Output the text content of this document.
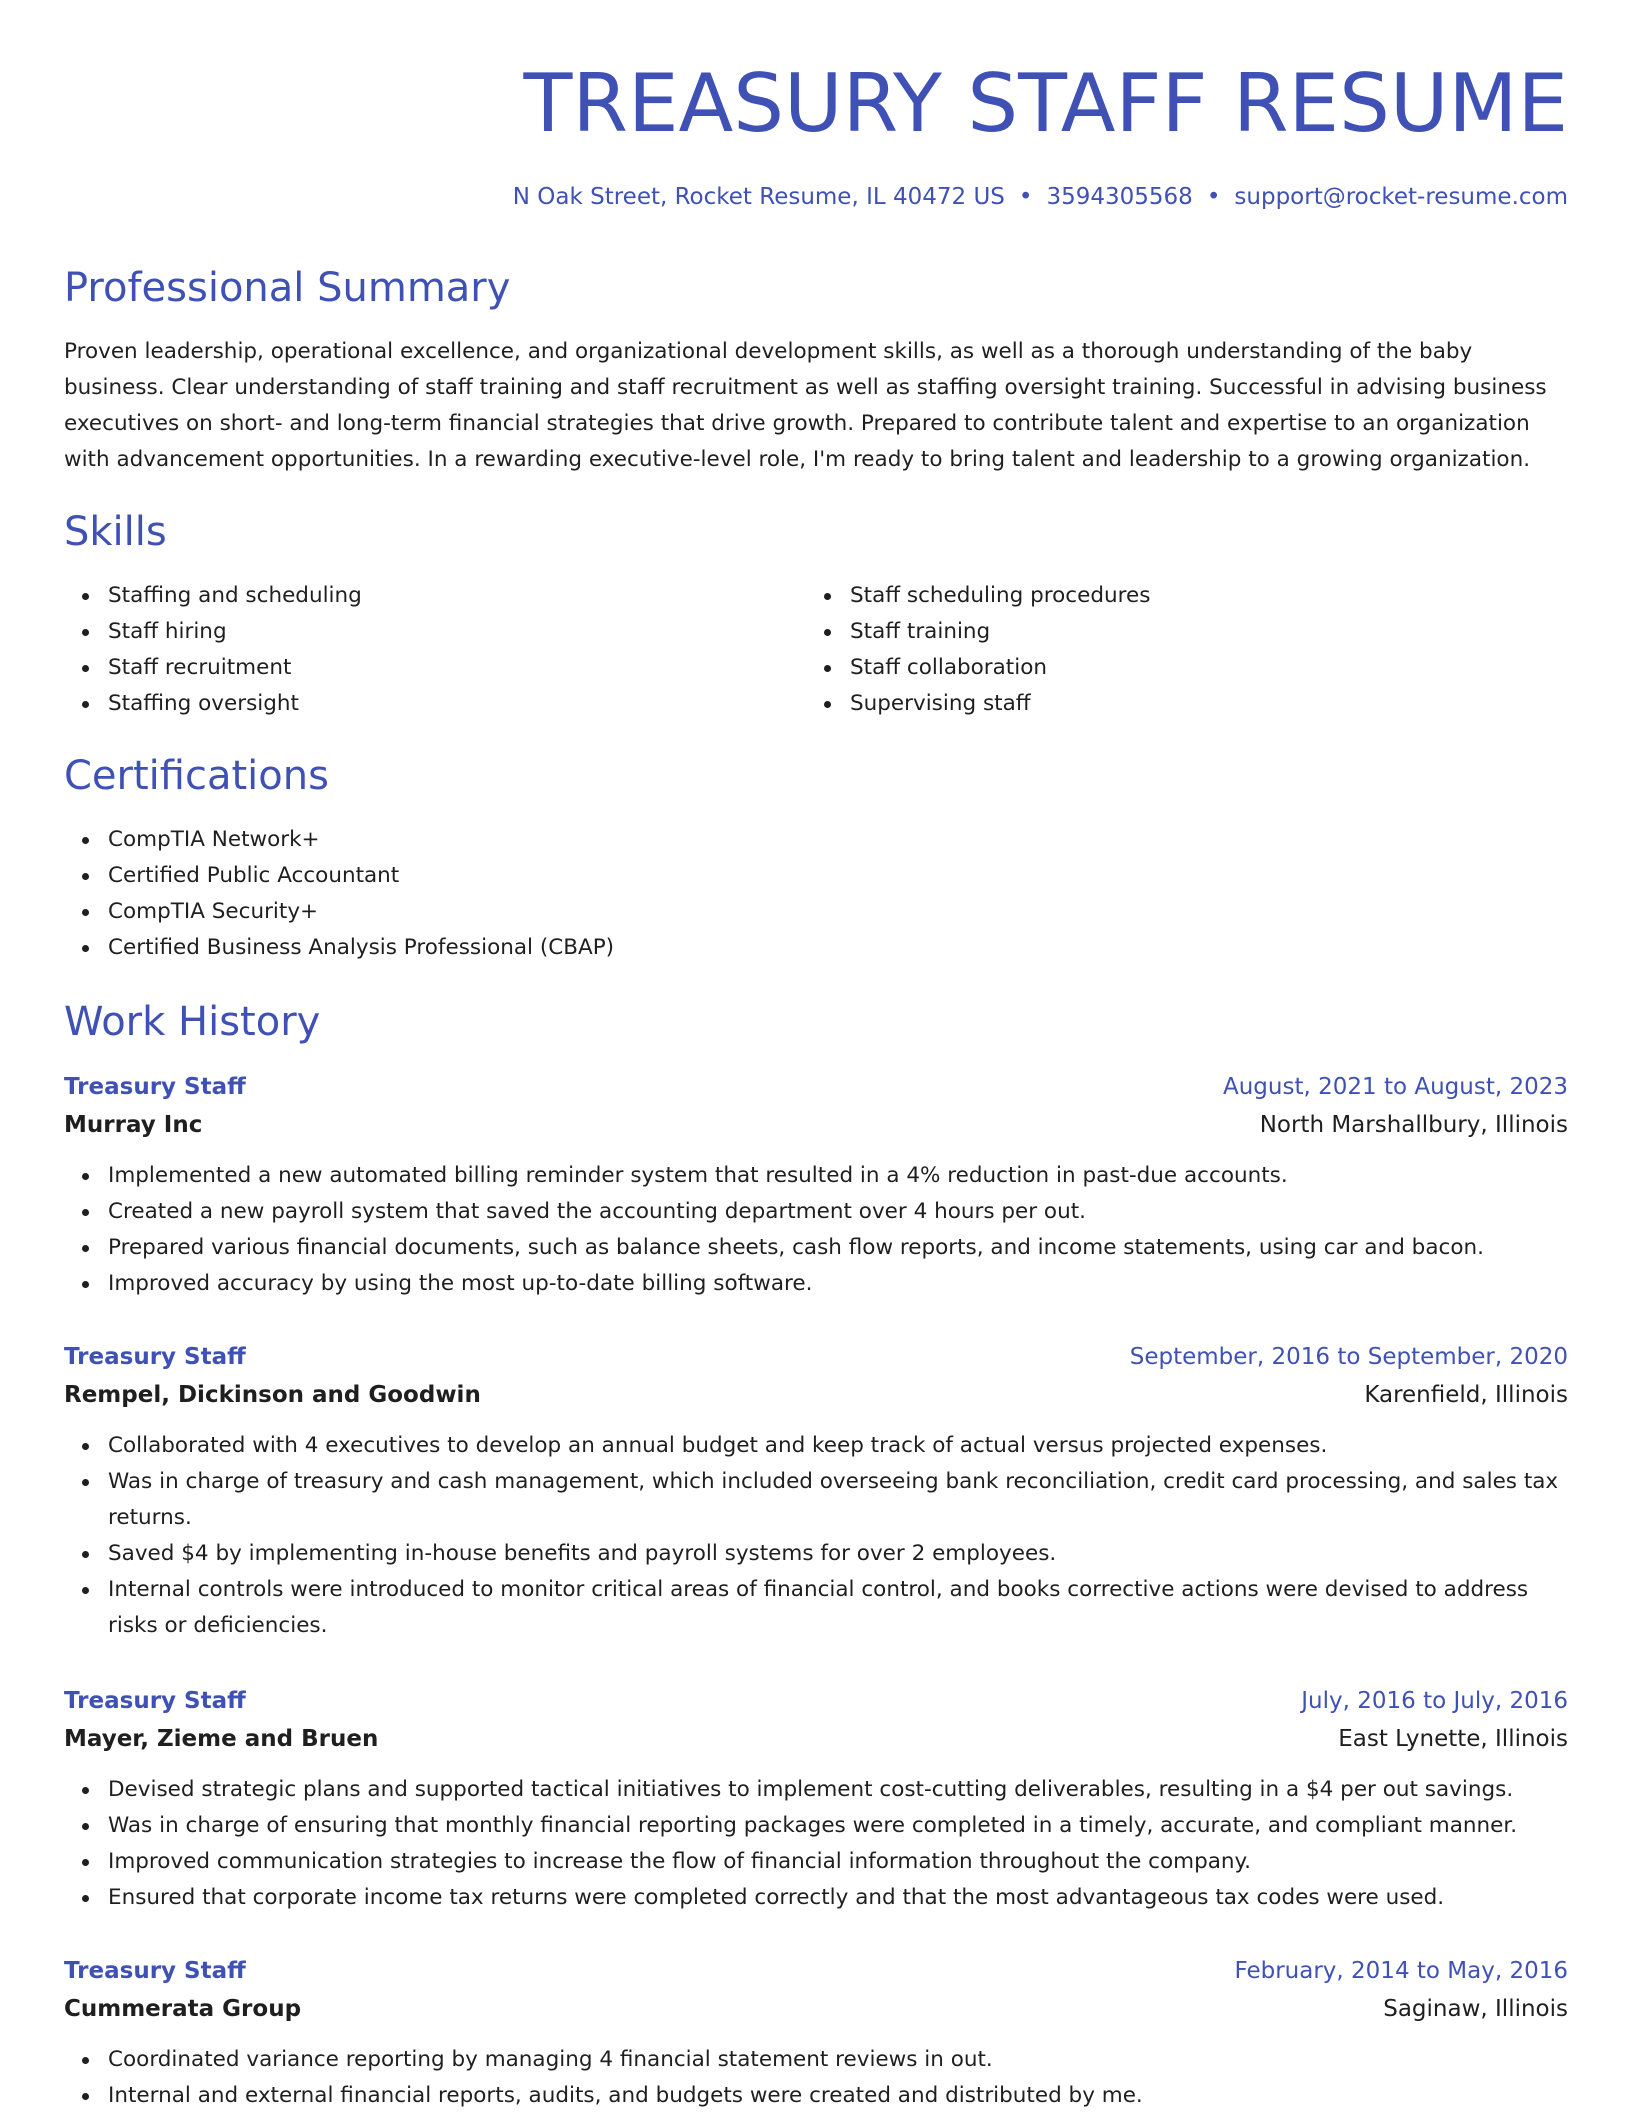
TREASURY STAFF RESUME
N Oak Street, Rocket Resume, IL 40472 US • 3594305568 • support@rocket-resume.com
Professional Summary

Proven leadership, operational excellence, and organizational development skills, as well as a thorough understanding of the baby business. Clear understanding of staff training and staff recruitment as well as staffing oversight training. Successful in advising business executives on short- and long-term financial strategies that drive growth. Prepared to contribute talent and expertise to an organization with advancement opportunities. In a rewarding executive-level role, I'm ready to bring talent and leadership to a growing organization.

Skills
Staffing and scheduling
Staff hiring
Staff recruitment
Staffing oversight
Staff scheduling procedures
Staff training
Staff collaboration
Supervising staff
Certifications
CompTIA Network+
Certified Public Accountant
CompTIA Security+
Certified Business Analysis Professional (CBAP)
Work History
Treasury Staff	August, 2021 to August, 2023
Murray Inc	North Marshallbury, Illinois
Implemented a new automated billing reminder system that resulted in a 4% reduction in past-due accounts.
Created a new payroll system that saved the accounting department over 4 hours per out.
Prepared various financial documents, such as balance sheets, cash flow reports, and income statements, using car and bacon.
Improved accuracy by using the most up-to-date billing software.
Treasury Staff	September, 2016 to September, 2020
Rempel, Dickinson and Goodwin	Karenfield, Illinois
Collaborated with 4 executives to develop an annual budget and keep track of actual versus projected expenses.
Was in charge of treasury and cash management, which included overseeing bank reconciliation, credit card processing, and sales tax returns.
Saved $4 by implementing in-house benefits and payroll systems for over 2 employees.
Internal controls were introduced to monitor critical areas of financial control, and books corrective actions were devised to address risks or deficiencies.
Treasury Staff	July, 2016 to July, 2016
Mayer, Zieme and Bruen	East Lynette, Illinois
Devised strategic plans and supported tactical initiatives to implement cost-cutting deliverables, resulting in a $4 per out savings.
Was in charge of ensuring that monthly financial reporting packages were completed in a timely, accurate, and compliant manner.
Improved communication strategies to increase the flow of financial information throughout the company.
Ensured that corporate income tax returns were completed correctly and that the most advantageous tax codes were used.
Treasury Staff	February, 2014 to May, 2016
Cummerata Group	Saginaw, Illinois
Coordinated variance reporting by managing 4 financial statement reviews in out.
Internal and external financial reports, audits, and budgets were created and distributed by me.
